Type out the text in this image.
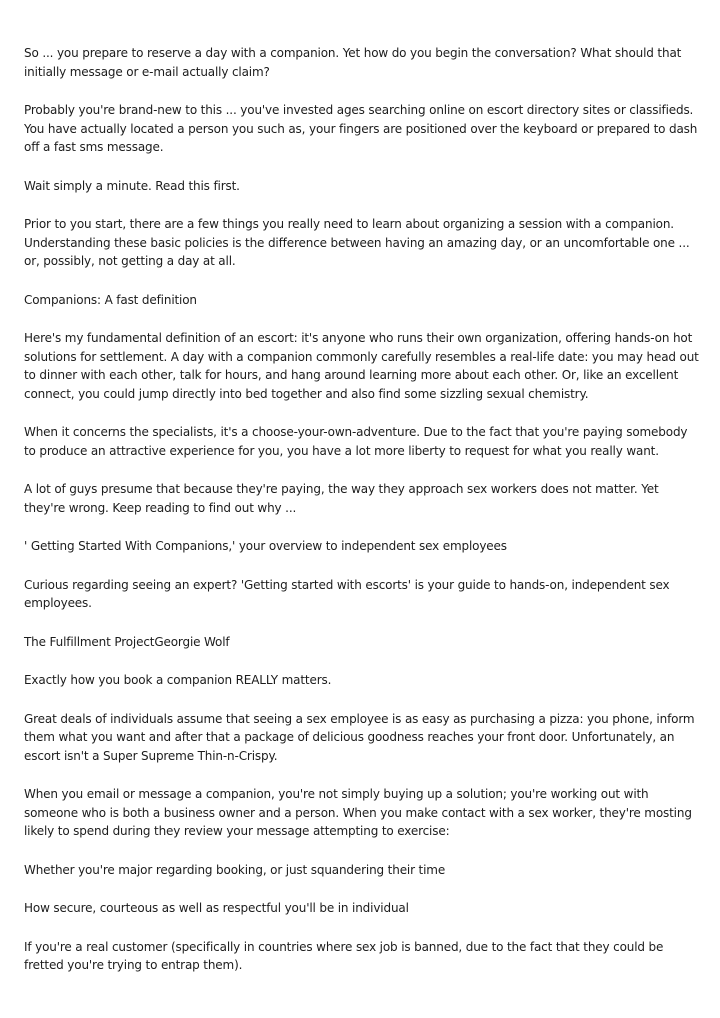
So ... you prepare to reserve a day with a companion. Yet how do you begin the conversation? What should that initially message or e-mail actually claim?

Probably you're brand-new to this ... you've invested ages searching online on escort directory sites or classifieds. You have actually located a person you such as, your fingers are positioned over the keyboard or prepared to dash off a fast sms message.

Wait simply a minute. Read this first.

Prior to you start, there are a few things you really need to learn about organizing a session with a companion. Understanding these basic policies is the difference between having an amazing day, or an uncomfortable one ... or, possibly, not getting a day at all.

Companions: A fast definition

Here's my fundamental definition of an escort: it's anyone who runs their own organization, offering hands-on hot solutions for settlement. A day with a companion commonly carefully resembles a real-life date: you may head out to dinner with each other, talk for hours, and hang around learning more about each other. Or, like an excellent connect, you could jump directly into bed together and also find some sizzling sexual chemistry.

When it concerns the specialists, it's a choose-your-own-adventure. Due to the fact that you're paying somebody to produce an attractive experience for you, you have a lot more liberty to request for what you really want.

A lot of guys presume that because they're paying, the way they approach sex workers does not matter. Yet they're wrong. Keep reading to find out why ...

' Getting Started With Companions,' your overview to independent sex employees

Curious regarding seeing an expert? 'Getting started with escorts' is your guide to hands-on, independent sex employees.

The Fulfillment ProjectGeorgie Wolf

Exactly how you book a companion REALLY matters.

Great deals of individuals assume that seeing a sex employee is as easy as purchasing a pizza: you phone, inform them what you want and after that a package of delicious goodness reaches your front door. Unfortunately, an escort isn't a Super Supreme Thin-n-Crispy.

When you email or message a companion, you're not simply buying up a solution; you're working out with someone who is both a business owner and a person. When you make contact with a sex worker, they're mosting likely to spend during they review your message attempting to exercise:

Whether you're major regarding booking, or just squandering their time

How secure, courteous as well as respectful you'll be in individual

If you're a real customer (specifically in countries where sex job is banned, due to the fact that they could be fretted you're trying to entrap them).
